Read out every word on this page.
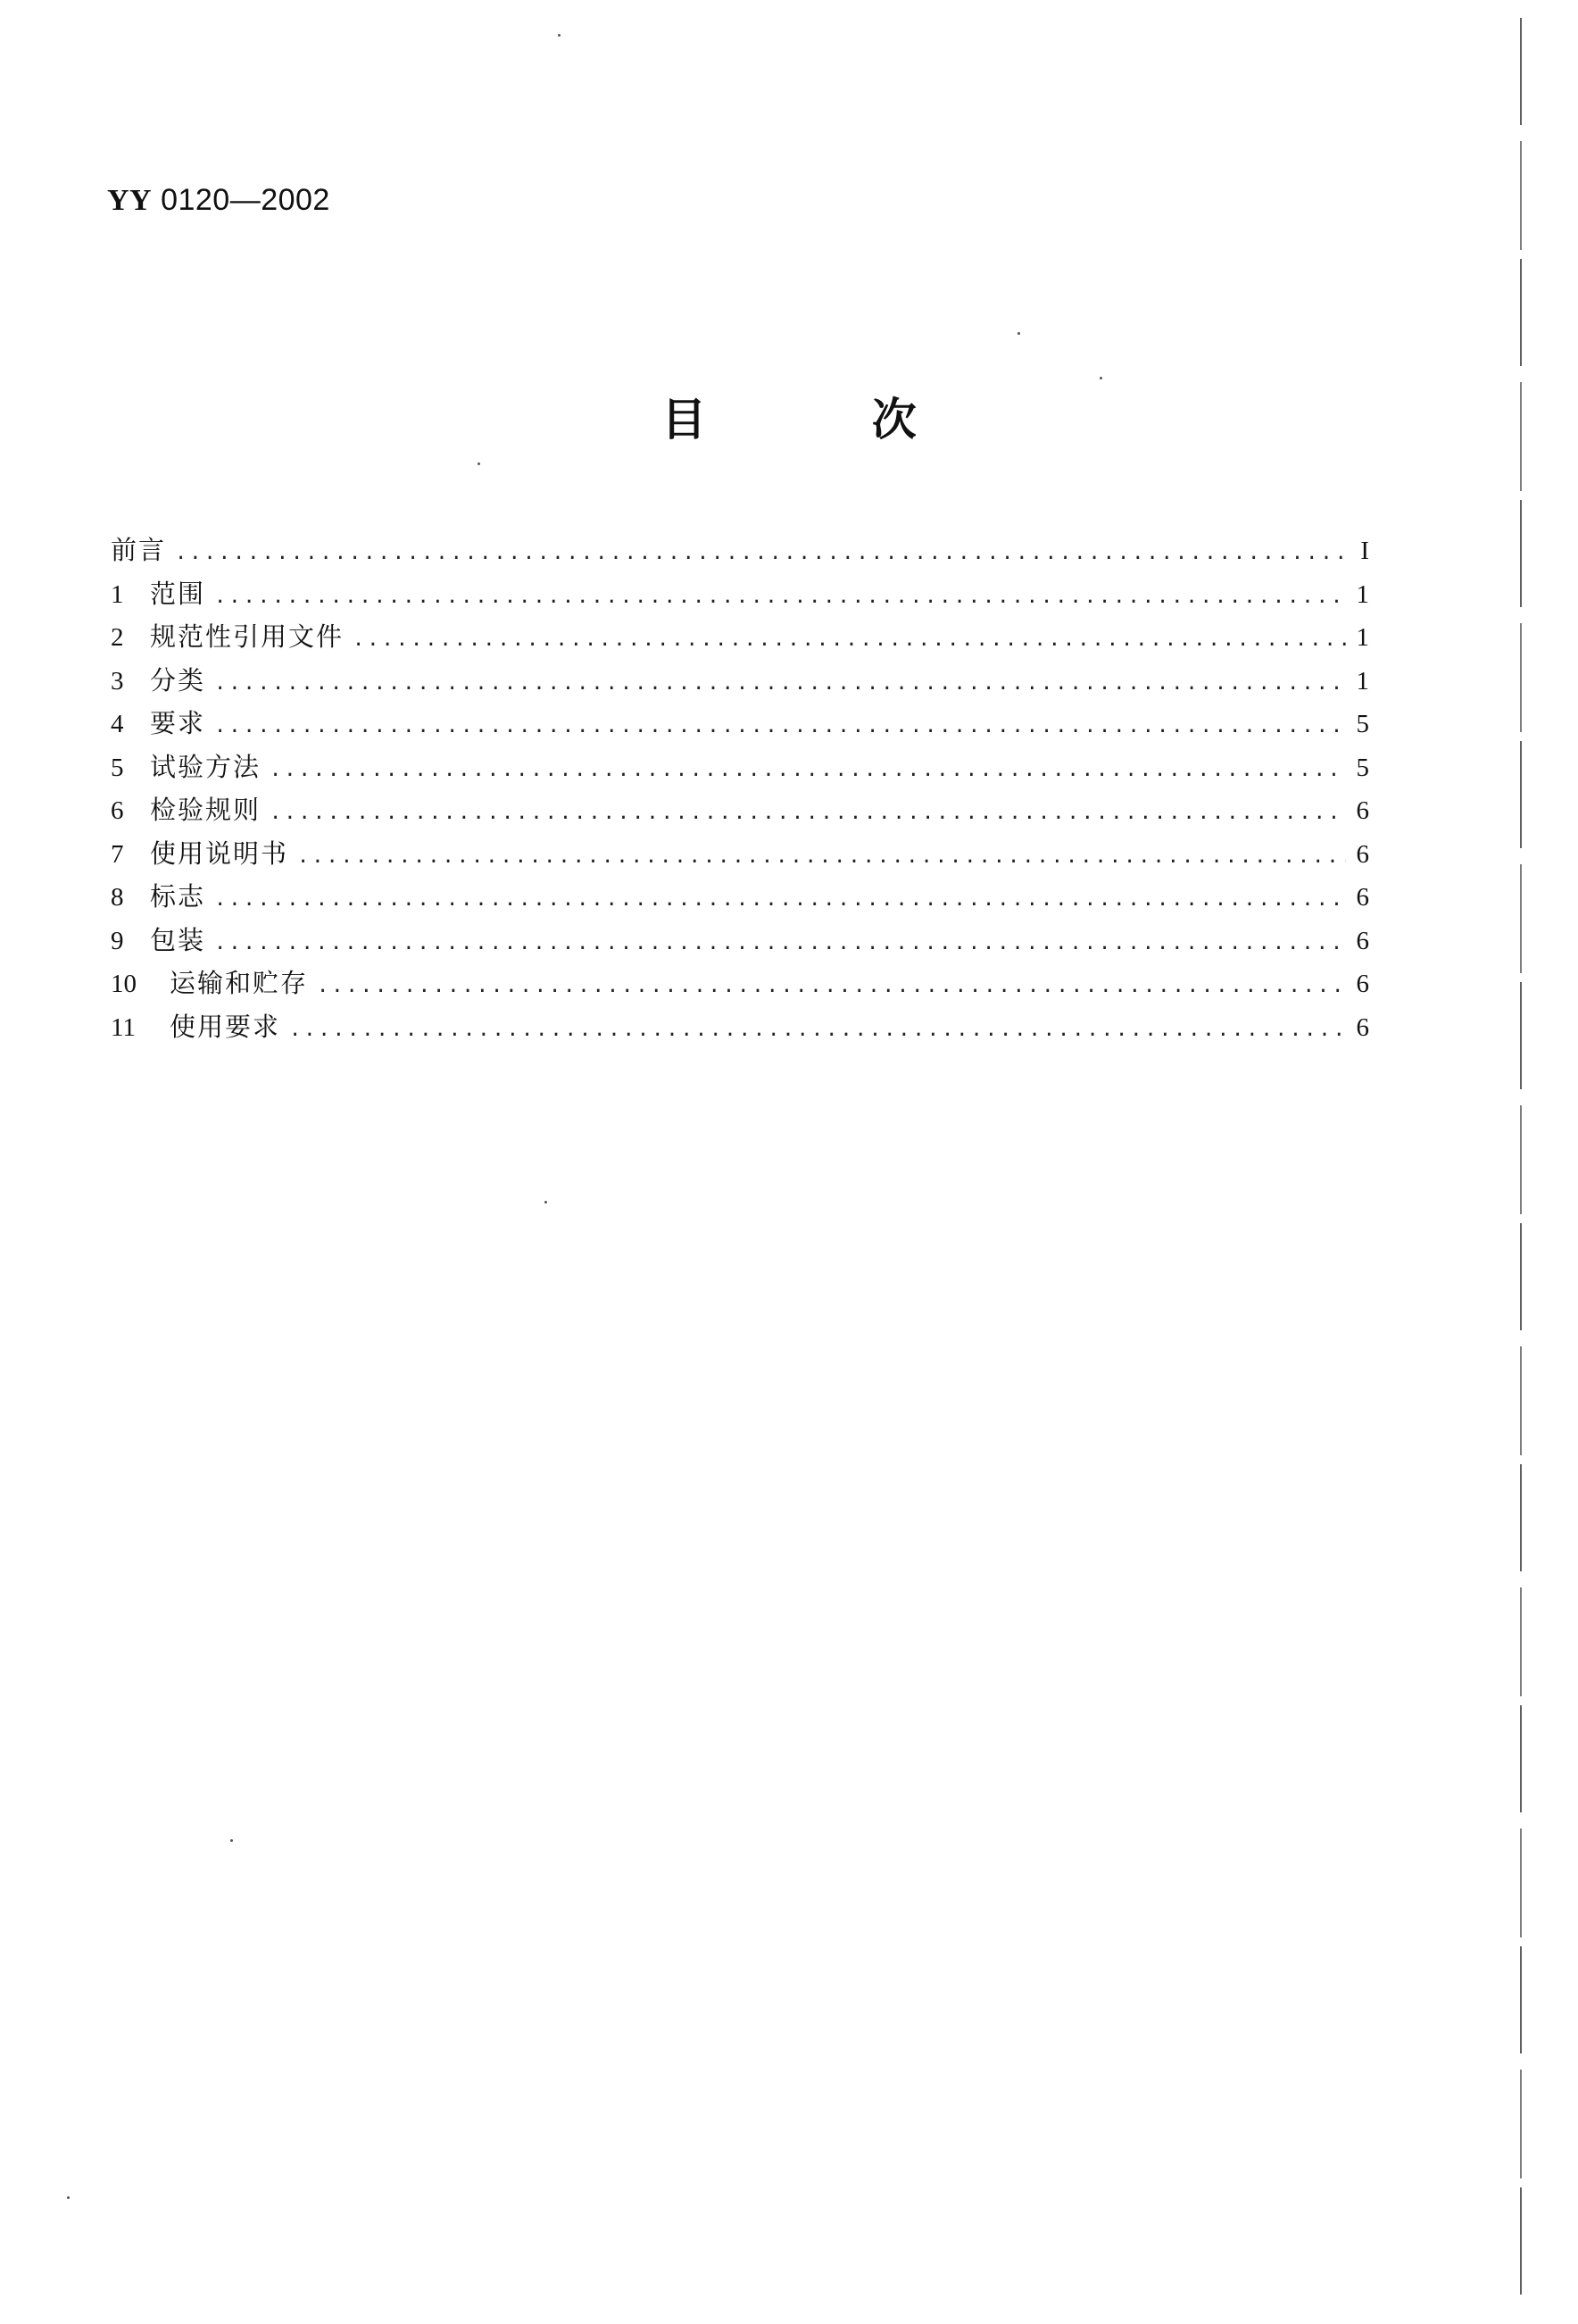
YY 0120—2002
目 次
前言 .....	I
1	范围 .....	1
2	规范性引用文件 .....	1
3	分类 .....	1
4	要求 .....	5
5	试验方法 .....	5
6	检验规则 .....	6
7	使用说明书 .....	6
8	标志 .....	6
9	包装 .....	6
10	运输和贮存 .....	6
11	使用要求 .....	6
